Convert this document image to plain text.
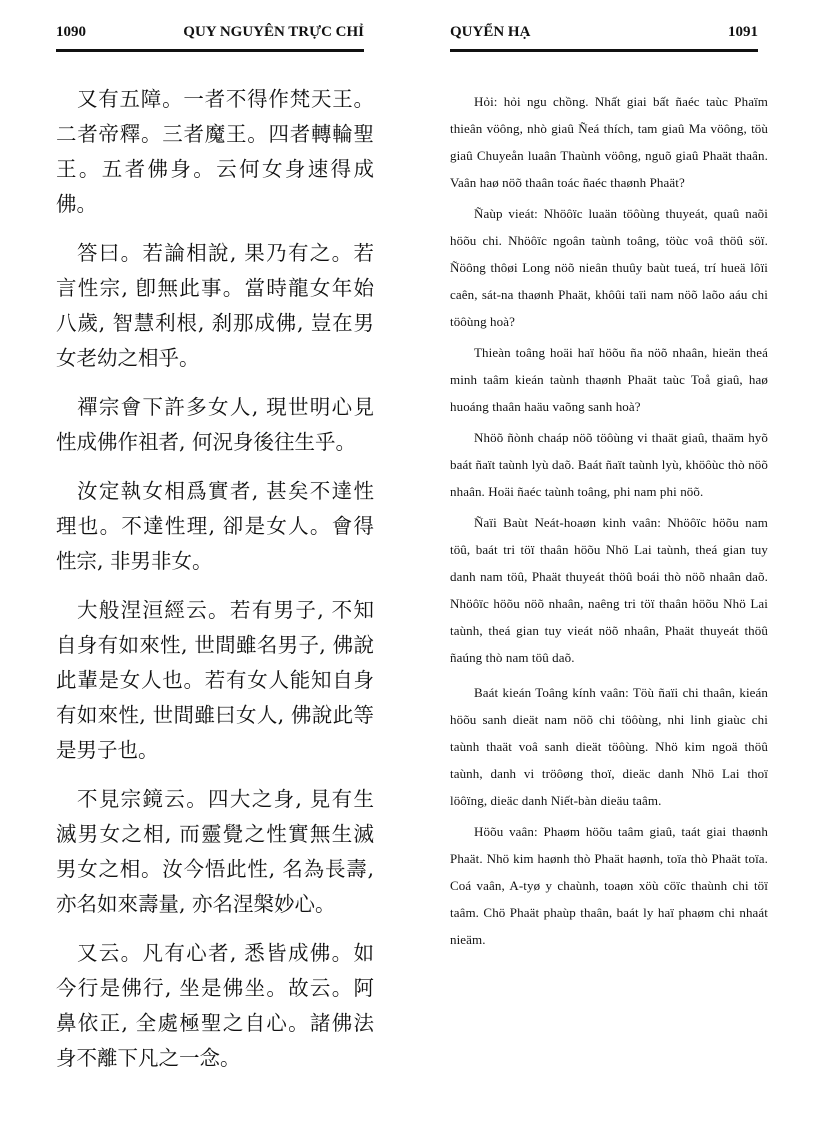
1090	QUY NGUYÊN TRỰC CHỈ

又有五障。一者不得作梵天王。二者帝釋。三者魔王。四者轉輪聖王。五者佛身。云何女身速得成佛。

答曰。若論相說, 果乃有之。若言性宗, 卽無此事。當時龍女年始八歲, 智慧利根, 刹那成佛, 豈在男女老幼之相乎。

禪宗會下許多女人, 現世明心見性成佛作祖者, 何況身後往生乎。

汝定執女相爲實者, 甚矣不達性理也。不達性理, 卻是女人。會得性宗, 非男非女。

大般涅洹經云。若有男子, 不知自身有如來性, 世間雖名男子, 佛說此輩是女人也。若有女人能知自身有如來性, 世間雖曰女人, 佛說此等是男子也。

不見宗鏡云。四大之身, 見有生滅男女之相, 而靈覺之性實無生滅男女之相。汝今悟此性, 名為長壽, 亦名如來壽量, 亦名涅槃妙心。

又云。凡有心者, 悉皆成佛。如今行是佛行, 坐是佛坐。故云。阿鼻依正, 全處極聖之自心。諸佛法身不離下凡之一念。

QUYỂN HẠ	1091

Hỏi: hỏi ngu chồng. Nhất giai bất ñaéc taùc Phaïm thieân vöông, nhò giaû Ñeá thích, tam giaû Ma vöông, töù giaû Chuyeån luaân Thaùnh vöông, nguõ giaû Phaät thaân. Vaân haø nöõ thaân toác ñaéc thaønh Phaät?

Ñaùp vieát: Nhöôïc luaän töôùng thuyeát, quaû naõi höõu chi. Nhöôïc ngoân taùnh toâng, töùc voâ thöû söï. Ñöông thôøi Long nöõ nieân thuûy baùt tueá, trí hueä lôïi caên, sát-na thaønh Phaät, khôûi taïi nam nöõ laõo aáu chi töôùng hoà?

Thieàn toâng hoäi haï höõu ña nöõ nhaân, hieän theá minh taâm kieán taùnh thaønh Phaät taùc Toå giaû, haø huoáng thaân haäu vaõng sanh hoà?

Nhöõ ñònh chaáp nöõ töôùng vi thaät giaû, thaäm hyõ baát ñaït taùnh lyù daõ. Baát ñaït taùnh lyù, khöôùc thò nöõ nhaân. Hoäi ñaéc taùnh toâng, phi nam phi nöõ.

Ñaïi Baùt Neát-hoaøn kinh vaân: Nhöôïc höõu nam töû, baát tri töï thaân höõu Nhö Lai taùnh, theá gian tuy danh nam töû, Phaät thuyeát thöû boái thò nöõ nhaân daõ. Nhöôïc höõu nöõ nhaân, naêng tri töï thaân höõu Nhö Lai taùnh, theá gian tuy vieát nöõ nhaân, Phaät thuyeát thöû ñaúng thò nam töû daõ.

Baát kieán Toâng kính vaân: Töù ñaïi chi thaân, kieán höõu sanh dieät nam nöõ chi töôùng, nhi linh giaùc chi taùnh thaät voâ sanh dieät töôùng. Nhö kim ngoä thöû taùnh, danh vi tröôøng thoï, dieäc danh Nhö Lai thoï löôïng, dieäc danh Niết-bàn dieäu taâm.

Höõu vaân: Phaøm höõu taâm giaû, taát giai thaønh Phaät. Nhö kim haønh thò Phaät haønh, toïa thò Phaät toïa. Coá vaân, A-tyø y chaùnh, toaøn xöù cöïc thaùnh chi töï taâm. Chö Phaät phaùp thaân, baát ly haï phaøm chi nhaát nieäm.
